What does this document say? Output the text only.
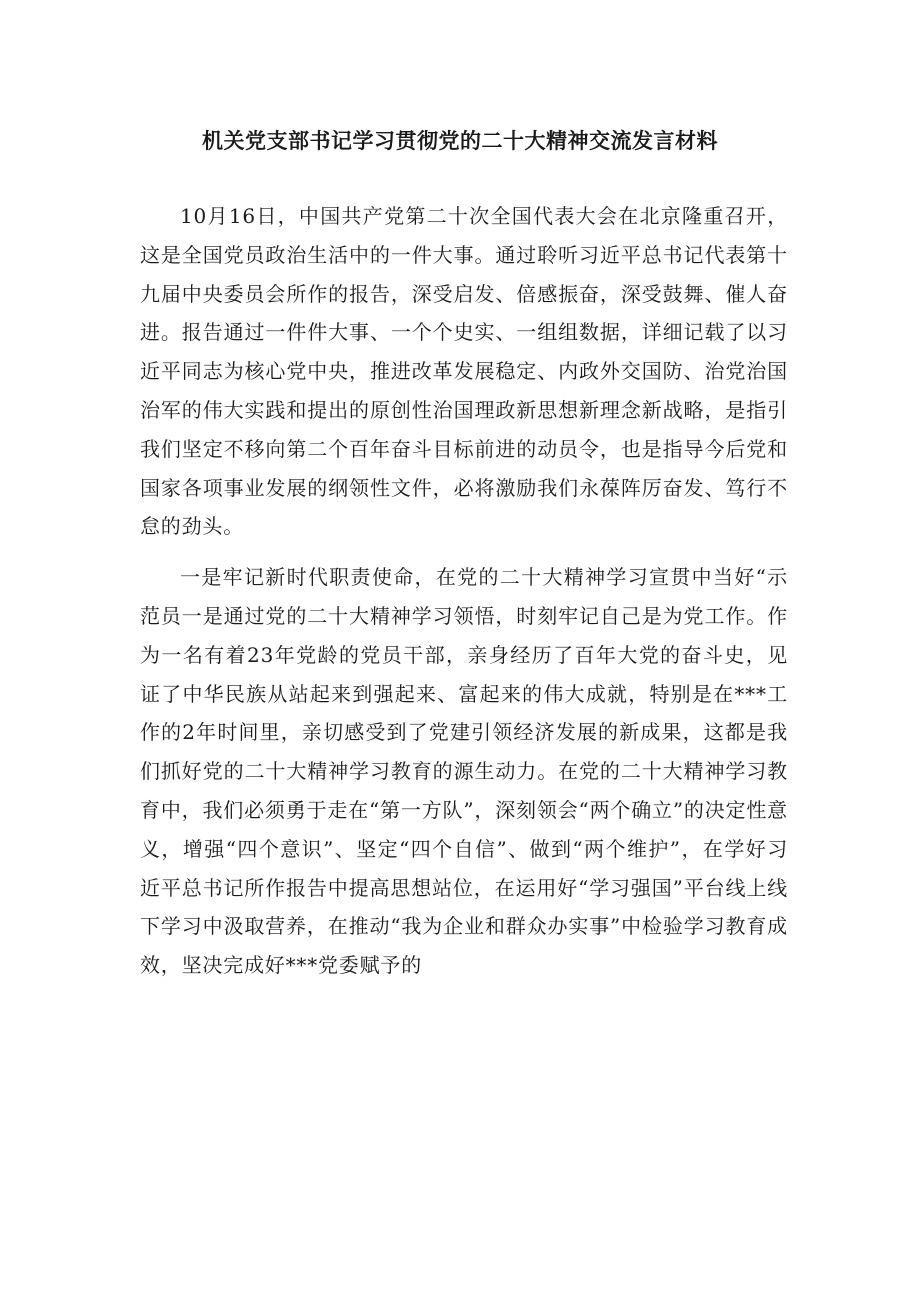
机关党支部书记学习贯彻党的二十大精神交流发言材料

10月16日，中国共产党第二十次全国代表大会在北京隆重召开，这是全国党员政治生活中的一件大事。通过聆听习近平总书记代表第十九届中央委员会所作的报告，深受启发、倍感振奋，深受鼓舞、催人奋进。报告通过一件件大事、一个个史实、一组组数据，详细记载了以习近平同志为核心党中央，推进改革发展稳定、内政外交国防、治党治国治军的伟大实践和提出的原创性治国理政新思想新理念新战略，是指引我们坚定不移向第二个百年奋斗目标前进的动员令，也是指导今后党和国家各项事业发展的纲领性文件，必将激励我们永葆阵厉奋发、笃行不怠的劲头。

一是牢记新时代职责使命，在党的二十大精神学习宣贯中当好“示范员一是通过党的二十大精神学习领悟，时刻牢记自己是为党工作。作为一名有着23年党龄的党员干部，亲身经历了百年大党的奋斗史，见证了中华民族从站起来到强起来、富起来的伟大成就，特别是在***工作的2年时间里，亲切感受到了党建引领经济发展的新成果，这都是我们抓好党的二十大精神学习教育的源生动力。在党的二十大精神学习教育中，我们必须勇于走在“第一方队”，深刻领会“两个确立”的决定性意义，增强“四个意识”、坚定“四个自信”、做到“两个维护”，在学好习近平总书记所作报告中提高思想站位，在运用好“学习强国”平台线上线下学习中汲取营养，在推动“我为企业和群众办实事”中检验学习教育成效，坚决完成好***党委赋予的
